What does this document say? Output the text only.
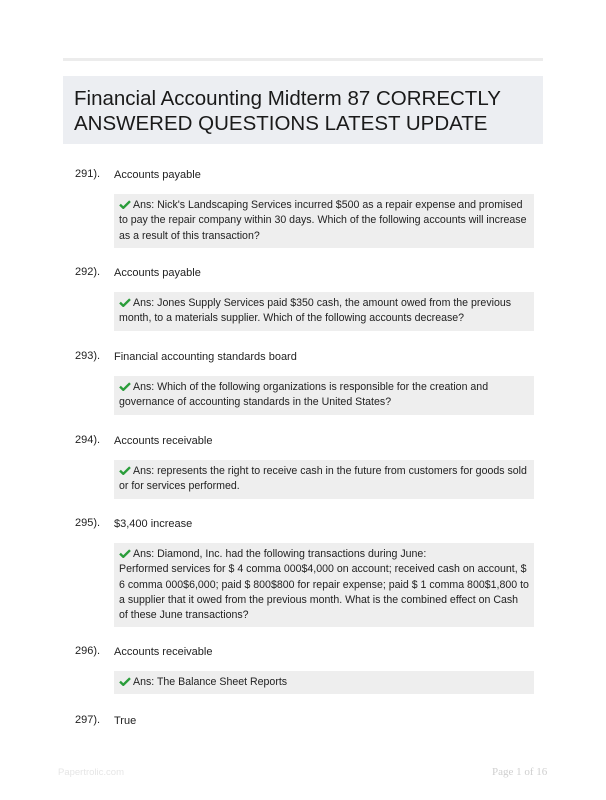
Financial Accounting Midterm 87 CORRECTLY ANSWERED QUESTIONS LATEST UPDATE
291). Accounts payable
Ans: Nick's Landscaping Services incurred $500 as a repair expense and promised
to pay the repair company within 30 days. Which of the following accounts will increase
as a result of this transaction?
292). Accounts payable
Ans: Jones Supply Services paid $350 cash, the amount owed from the previous
month, to a materials supplier. Which of the following accounts decrease?
293). Financial accounting standards board
Ans: Which of the following organizations is responsible for the creation and
governance of accounting standards in the United States?
294). Accounts receivable
Ans: represents the right to receive cash in the future from customers for goods sold
or for services performed.
295). $3,400 increase
Ans: Diamond, Inc. had the following transactions during June:
Performed services for $ 4 comma 000$4,000 on account; received cash on account, $
6 comma 000$6,000; paid $ 800$800 for repair expense; paid $ 1 comma 800$1,800 to
a supplier that it owed from the previous month. What is the combined effect on Cash
of these June transactions?
296). Accounts receivable
Ans: The Balance Sheet Reports
297). True
Papertrolic.com	Page 1 of 16
